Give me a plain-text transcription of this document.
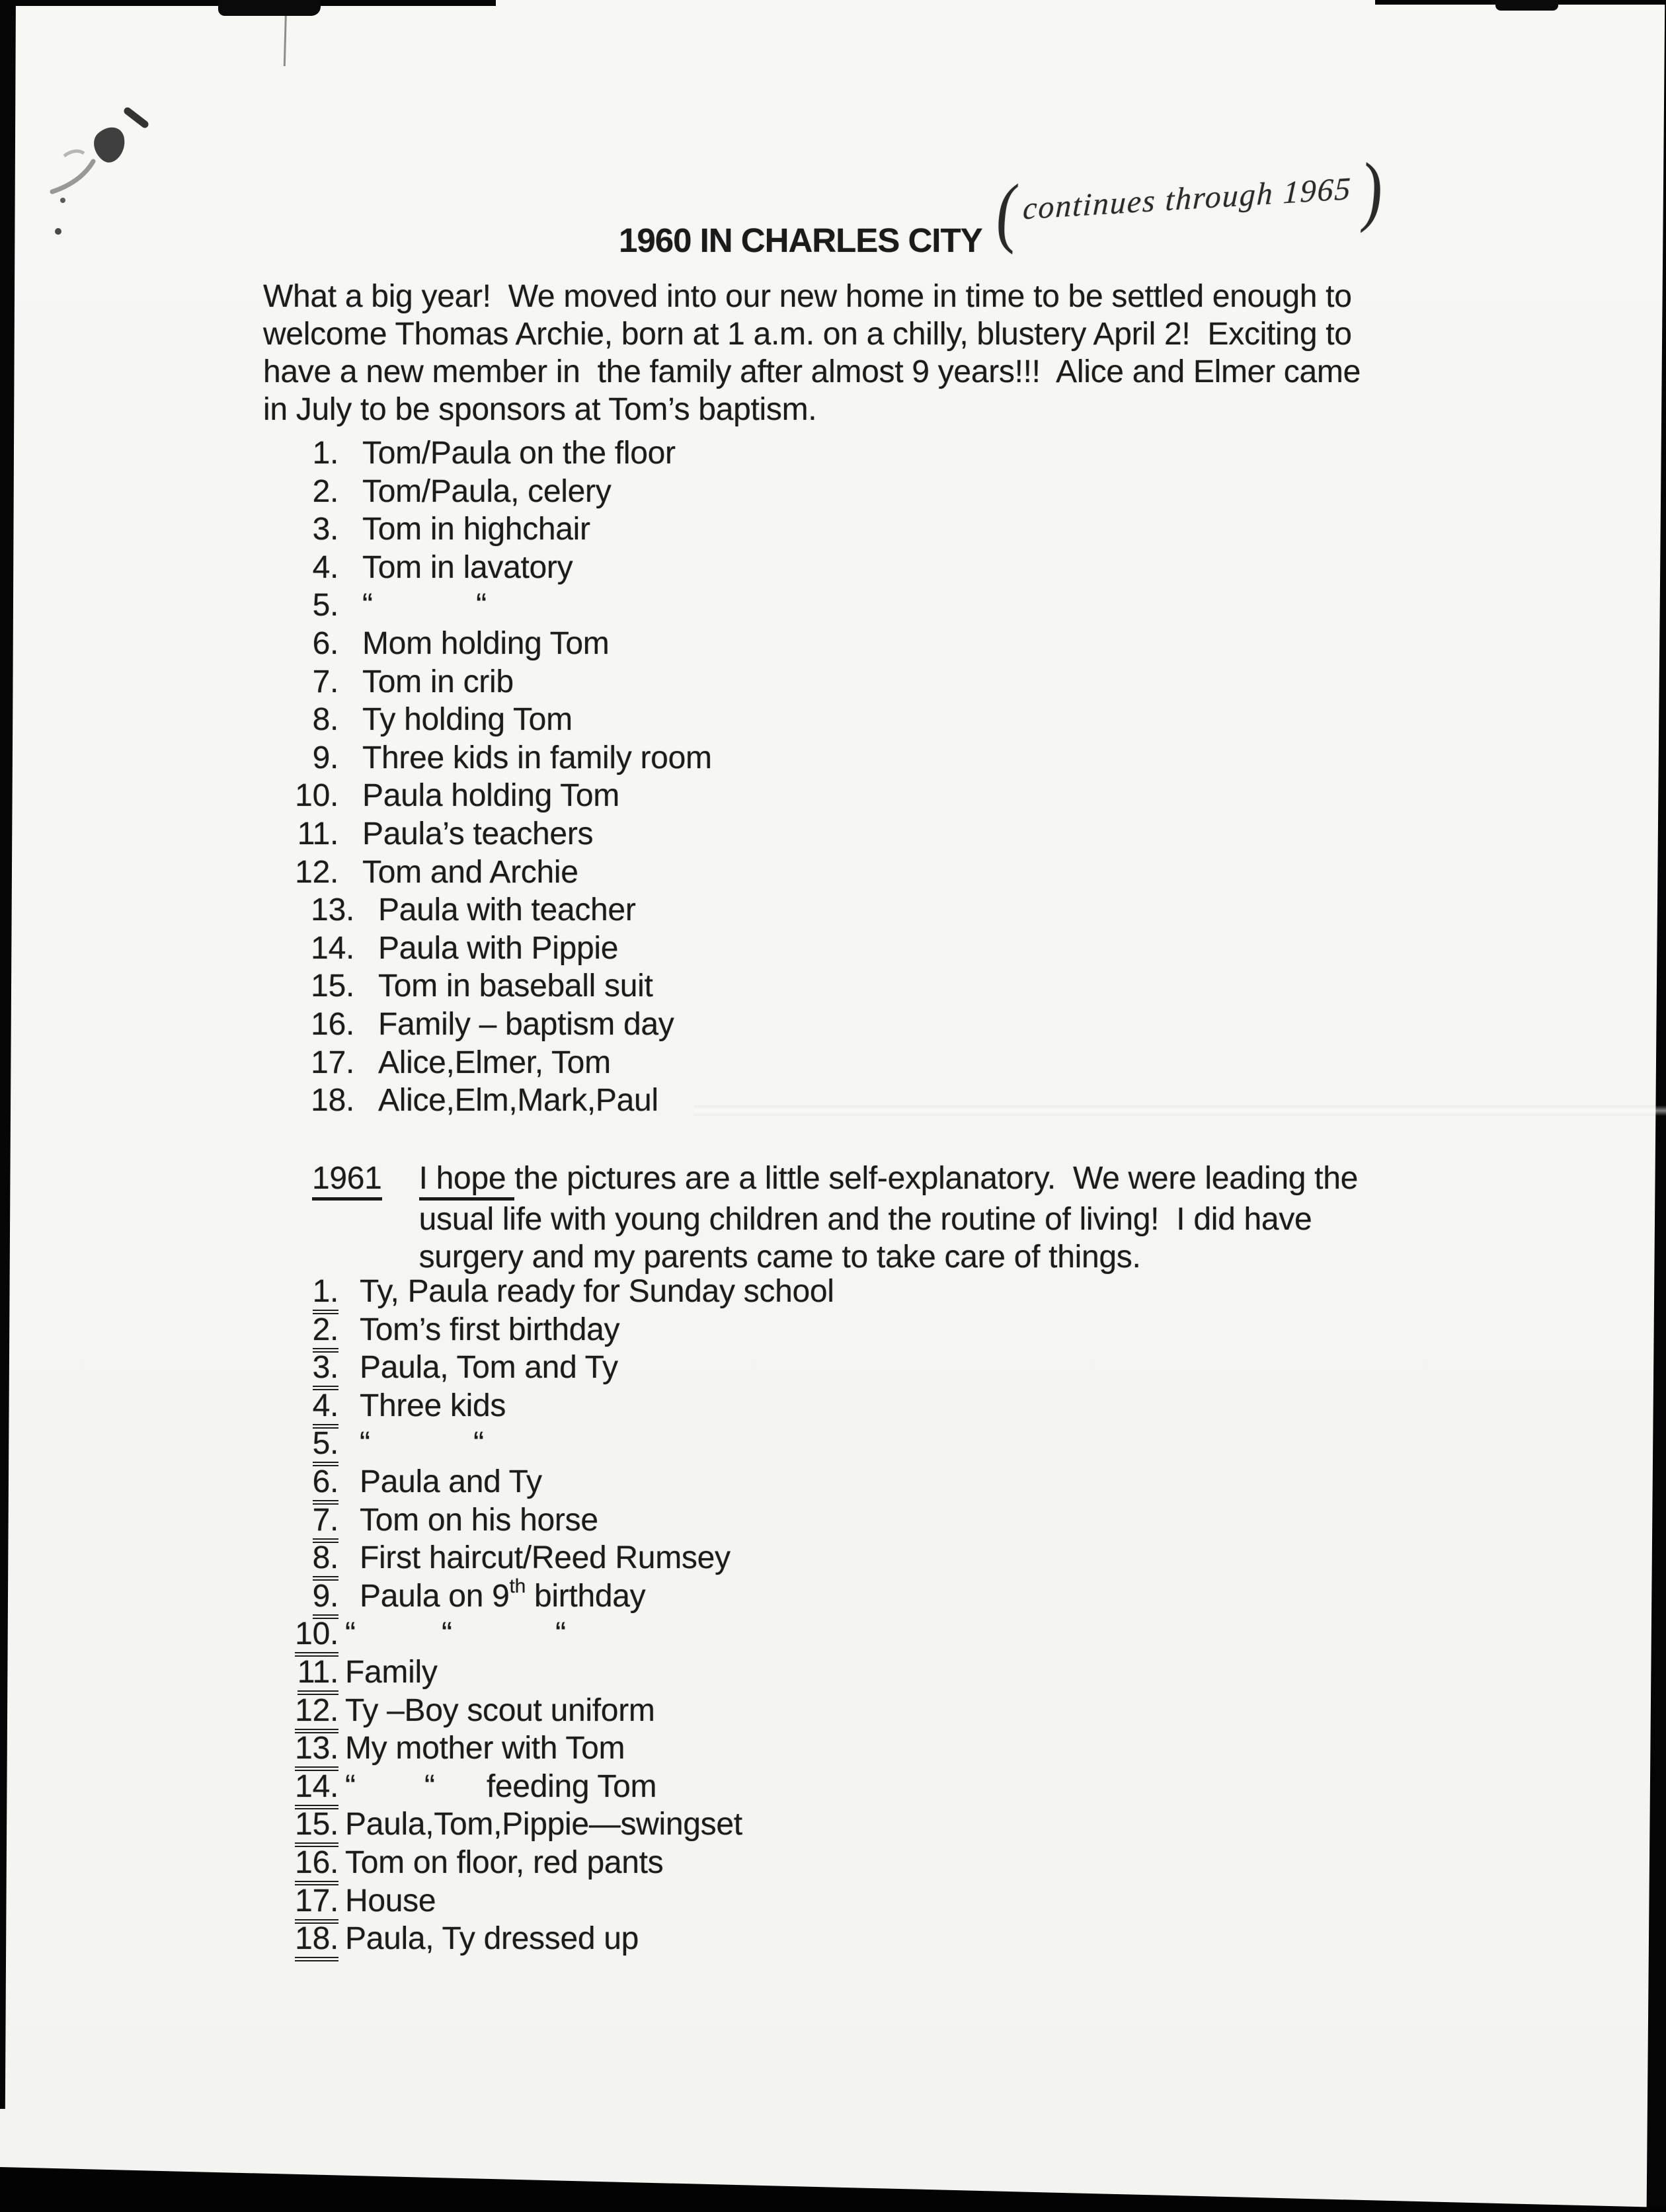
1960 IN CHARLES CITY (continues through 1965)
What a big year!  We moved into our new home in time to be settled enough to
welcome Thomas Archie, born at 1 a.m. on a chilly, blustery April 2!  Exciting to
have a new member in  the family after almost 9 years!!!  Alice and Elmer came
in July to be sponsors at Tom’s baptism.
1. Tom/Paula on the floor
2. Tom/Paula, celery
3. Tom in highchair
4. Tom in lavatory
5. “            “
6. Mom holding Tom
7. Tom in crib
8. Ty holding Tom
9. Three kids in family room
10. Paula holding Tom
11. Paula’s teachers
12. Tom and Archie
13. Paula with teacher
14. Paula with Pippie
15. Tom in baseball suit
16. Family – baptism day
17. Alice,Elmer, Tom
18. Alice,Elm,Mark,Paul
1961 I hope the pictures are a little self-explanatory.  We were leading the
usual life with young children and the routine of living!  I did have
surgery and my parents came to take care of things.
1. Ty, Paula ready for Sunday school
2. Tom’s first birthday
3. Paula, Tom and Ty
4. Three kids
5. “            “
6. Paula and Ty
7. Tom on his horse
8. First haircut/Reed Rumsey
9. Paula on 9th birthday
10. “          “            “
11. Family
12. Ty –Boy scout uniform
13. My mother with Tom
14. “        “      feeding Tom
15. Paula,Tom,Pippie—swingset
16. Tom on floor, red pants
17. House
18. Paula, Ty dressed up
